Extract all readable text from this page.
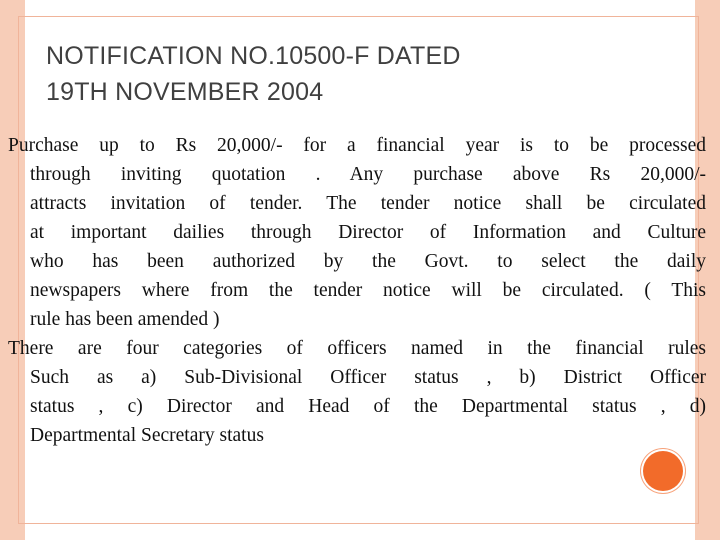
NOTIFICATION NO.10500-F DATED
19TH NOVEMBER 2004
Purchase up to Rs 20,000/- for a financial year is to be processed
through inviting quotation . Any purchase above Rs 20,000/-
attracts invitation of tender. The tender notice shall be circulated
at important dailies through Director of Information and Culture
who has been authorized by the Govt. to select the daily
newspapers where from the tender notice will be circulated. ( This
rule has been amended )
There are four categories of officers named in the financial rules
Such as a) Sub-Divisional Officer status , b) District Officer
status , c) Director and Head of the Departmental status , d)
Departmental Secretary status
